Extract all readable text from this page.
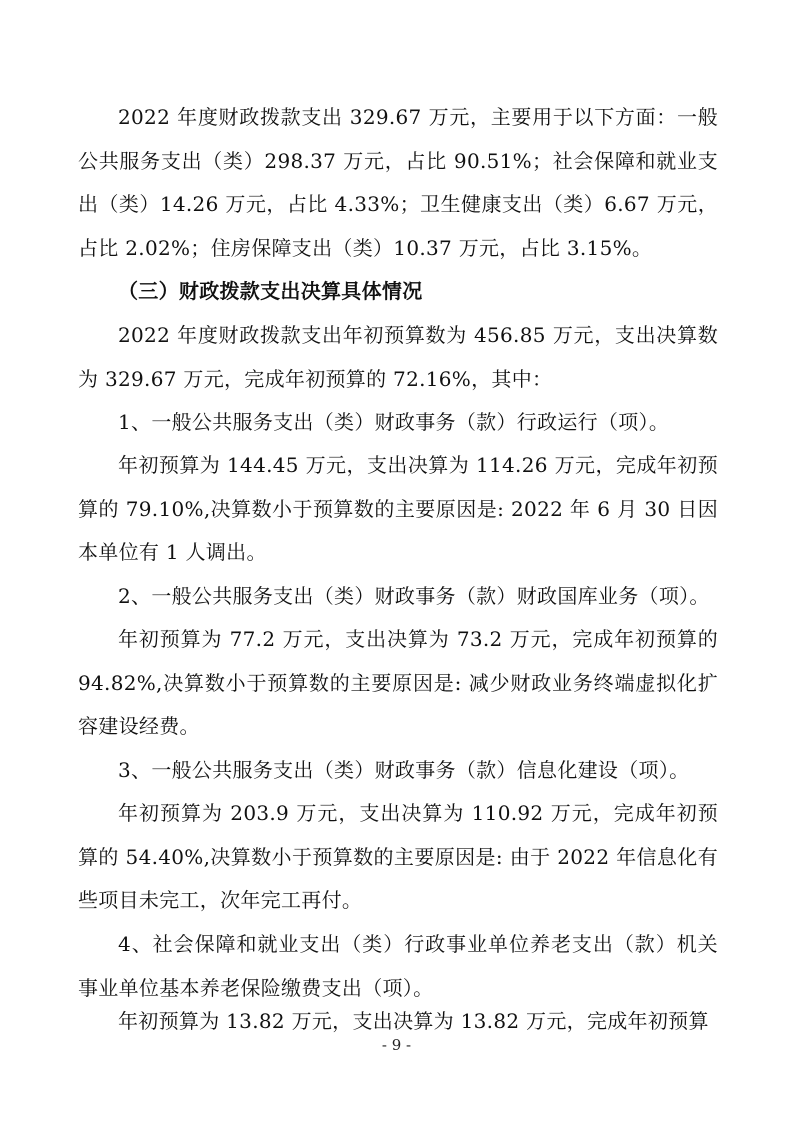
2022 年度财政拨款支出 329.67 万元，主要用于以下方面：一般公共服务支出（类）298.37 万元，占比 90.51%；社会保障和就业支出（类）14.26 万元，占比 4.33%；卫生健康支出（类）6.67 万元，占比 2.02%；住房保障支出（类）10.37 万元，占比 3.15%。

（三）财政拨款支出决算具体情况

2022 年度财政拨款支出年初预算数为 456.85 万元，支出决算数为 329.67 万元，完成年初预算的 72.16%，其中：

1、一般公共服务支出（类）财政事务（款）行政运行（项）。

年初预算为 144.45 万元，支出决算为 114.26 万元，完成年初预算的 79.10%,决算数小于预算数的主要原因是: 2022 年 6 月 30 日因本单位有 1 人调出。

2、一般公共服务支出（类）财政事务（款）财政国库业务（项）。

年初预算为 77.2 万元，支出决算为 73.2 万元，完成年初预算的 94.82%,决算数小于预算数的主要原因是: 减少财政业务终端虚拟化扩容建设经费。

3、一般公共服务支出（类）财政事务（款）信息化建设（项）。

年初预算为 203.9 万元，支出决算为 110.92 万元，完成年初预算的 54.40%,决算数小于预算数的主要原因是: 由于 2022 年信息化有些项目未完工，次年完工再付。

4、社会保障和就业支出（类）行政事业单位养老支出（款）机关事业单位基本养老保险缴费支出（项）。

年初预算为 13.82 万元，支出决算为 13.82 万元，完成年初预算

- 9 -
